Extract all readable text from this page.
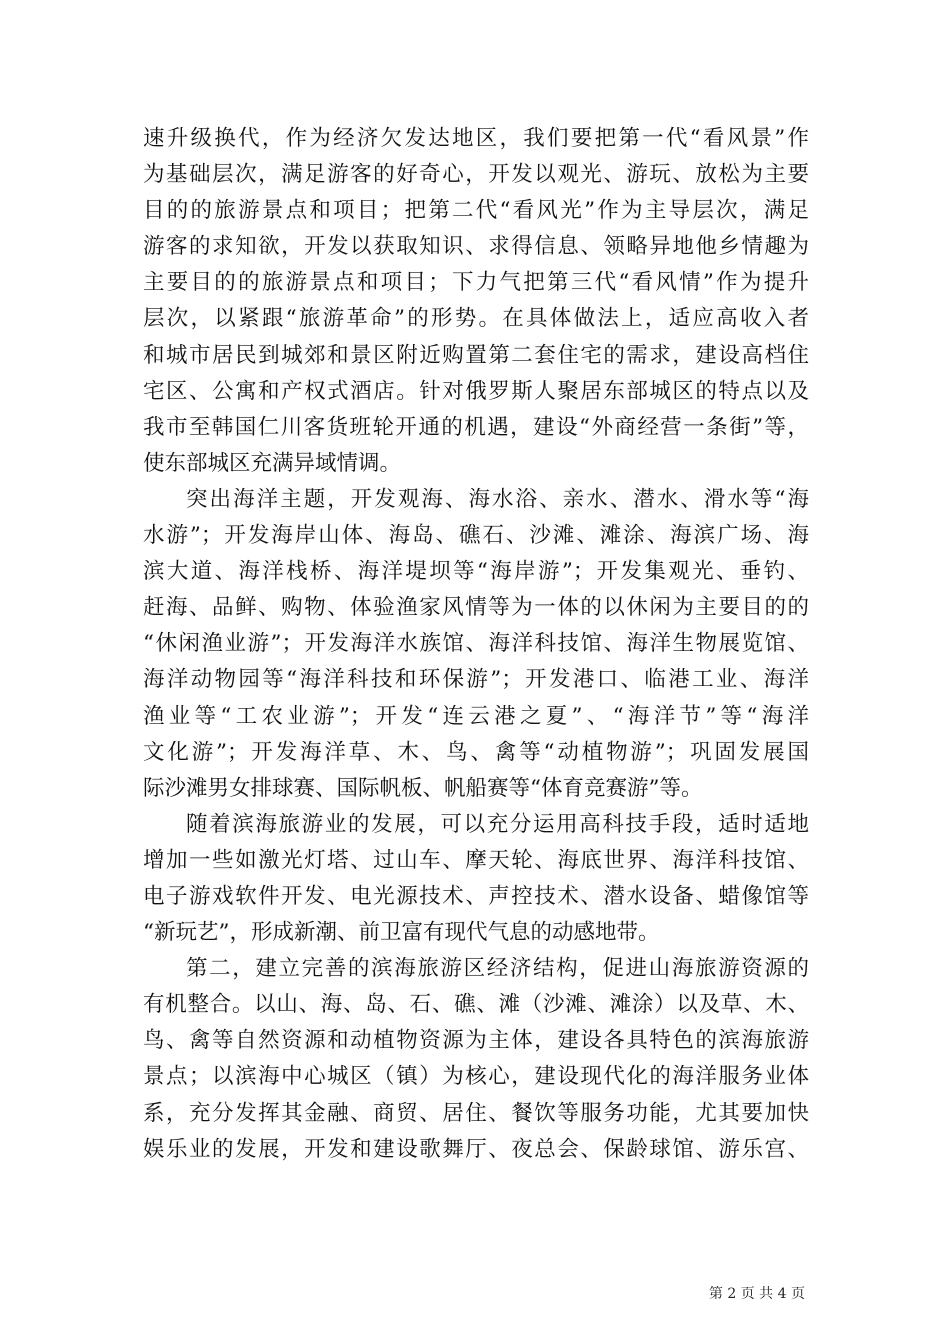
速升级换代，作为经济欠发达地区，我们要把第一代“看风景”作
为基础层次，满足游客的好奇心，开发以观光、游玩、放松为主要
目的的旅游景点和项目；把第二代“看风光”作为主导层次，满足
游客的求知欲，开发以获取知识、求得信息、领略异地他乡情趣为
主要目的的旅游景点和项目；下力气把第三代“看风情”作为提升
层次，以紧跟“旅游革命”的形势。在具体做法上，适应高收入者
和城市居民到城郊和景区附近购置第二套住宅的需求，建设高档住
宅区、公寓和产权式酒店。针对俄罗斯人聚居东部城区的特点以及
我市至韩国仁川客货班轮开通的机遇，建设“外商经营一条街”等，
使东部城区充满异域情调。
突出海洋主题，开发观海、海水浴、亲水、潜水、滑水等“海
水游”；开发海岸山体、海岛、礁石、沙滩、滩涂、海滨广场、海
滨大道、海洋栈桥、海洋堤坝等“海岸游”；开发集观光、垂钓、
赶海、品鲜、购物、体验渔家风情等为一体的以休闲为主要目的的
“休闲渔业游”；开发海洋水族馆、海洋科技馆、海洋生物展览馆、
海洋动物园等“海洋科技和环保游”；开发港口、临港工业、海洋
渔业等“工农业游”；开发“连云港之夏”、“海洋节”等“海洋
文化游”；开发海洋草、木、鸟、禽等“动植物游”；巩固发展国
际沙滩男女排球赛、国际帆板、帆船赛等“体育竞赛游”等。
随着滨海旅游业的发展，可以充分运用高科技手段，适时适地
增加一些如激光灯塔、过山车、摩天轮、海底世界、海洋科技馆、
电子游戏软件开发、电光源技术、声控技术、潜水设备、蜡像馆等
“新玩艺”，形成新潮、前卫富有现代气息的动感地带。
第二，建立完善的滨海旅游区经济结构，促进山海旅游资源的
有机整合。以山、海、岛、石、礁、滩（沙滩、滩涂）以及草、木、
鸟、禽等自然资源和动植物资源为主体，建设各具特色的滨海旅游
景点；以滨海中心城区（镇）为核心，建设现代化的海洋服务业体
系，充分发挥其金融、商贸、居住、餐饮等服务功能，尤其要加快
娱乐业的发展，开发和建设歌舞厅、夜总会、保龄球馆、游乐宫、
第 2 页 共 4 页
